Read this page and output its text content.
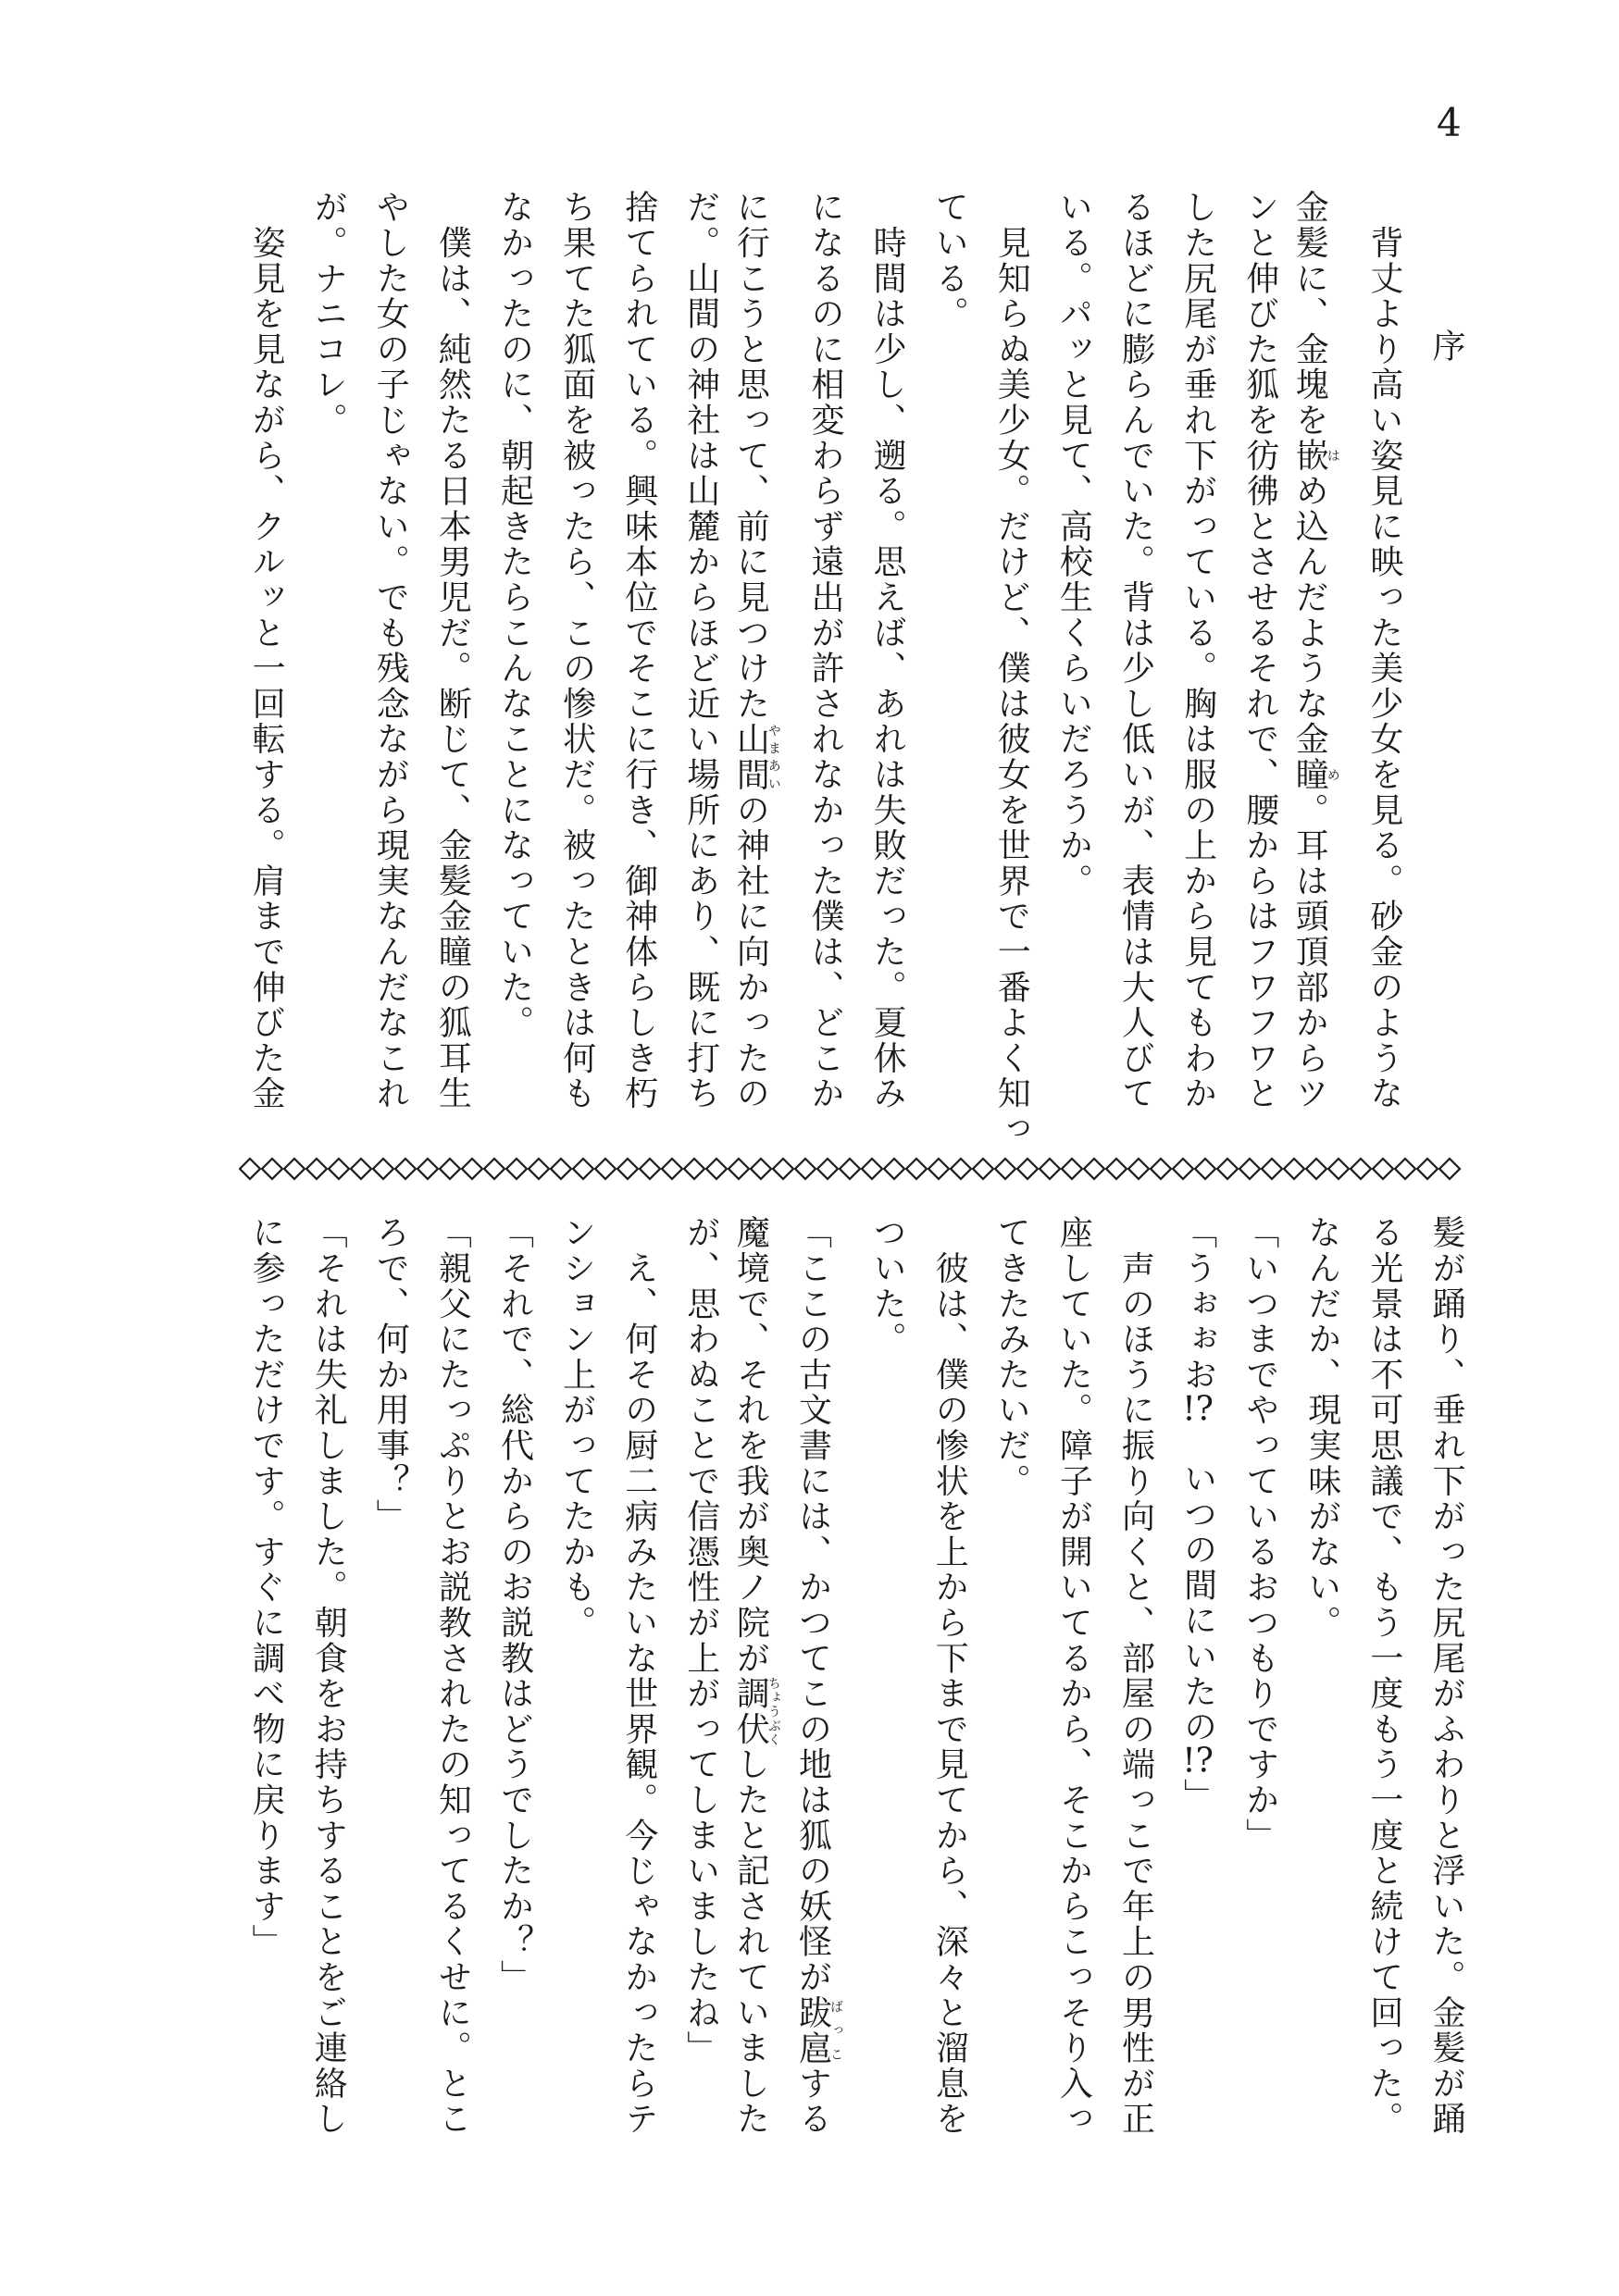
4
序
　背丈より高い姿見に映った美少女を見る。砂金のような
金髪に、金塊を嵌はめ込んだような金瞳め。耳は頭頂部からツ
ンと伸びた狐を彷彿とさせるそれで、腰からはフワフワと
した尻尾が垂れ下がっている。胸は服の上から見てもわか
るほどに膨らんでいた。背は少し低いが、表情は大人びて
いる。パッと見て、高校生くらいだろうか。
　見知らぬ美少女。だけど、僕は彼女を世界で一番よく知っ
ている。
　時間は少し、遡る。思えば、あれは失敗だった。夏休み
になるのに相変わらず遠出が許されなかった僕は、どこか
に行こうと思って、前に見つけた山間やまあいの神社に向かったの
だ。山間の神社は山麓からほど近い場所にあり、既に打ち
捨てられている。興味本位でそこに行き、御神体らしき朽
ち果てた狐面を被ったら、この惨状だ。被ったときは何も
なかったのに、朝起きたらこんなことになっていた。
　僕は、純然たる日本男児だ。断じて、金髪金瞳の狐耳生
やした女の子じゃない。でも残念ながら現実なんだなこれ
が。ナニコレ。
　姿見を見ながら、クルッと一回転する。肩まで伸びた金
髪が踊り、垂れ下がった尻尾がふわりと浮いた。金髪が踊
る光景は不可思議で、もう一度もう一度と続けて回った。
なんだか、現実味がない。
「いつまでやっているおつもりですか」
「うぉぉお!?　いつの間にいたの!?」
　声のほうに振り向くと、部屋の端っこで年上の男性が正
座していた。障子が開いてるから、そこからこっそり入っ
てきたみたいだ。
　彼は、僕の惨状を上から下まで見てから、深々と溜息を
ついた。
「ここの古文書には、かつてこの地は狐の妖怪が跋扈ばっこする
魔境で、それを我が奥ノ院が調伏ちょうぶくしたと記されていました
が、思わぬことで信憑性が上がってしまいましたね」
　え、何その厨二病みたいな世界観。今じゃなかったらテ
ンション上がってたかも。
「それで、総代からのお説教はどうでしたか？」
「親父にたっぷりとお説教されたの知ってるくせに。とこ
ろで、何か用事？」
「それは失礼しました。朝食をお持ちすることをご連絡し
に参っただけです。すぐに調べ物に戻ります」
